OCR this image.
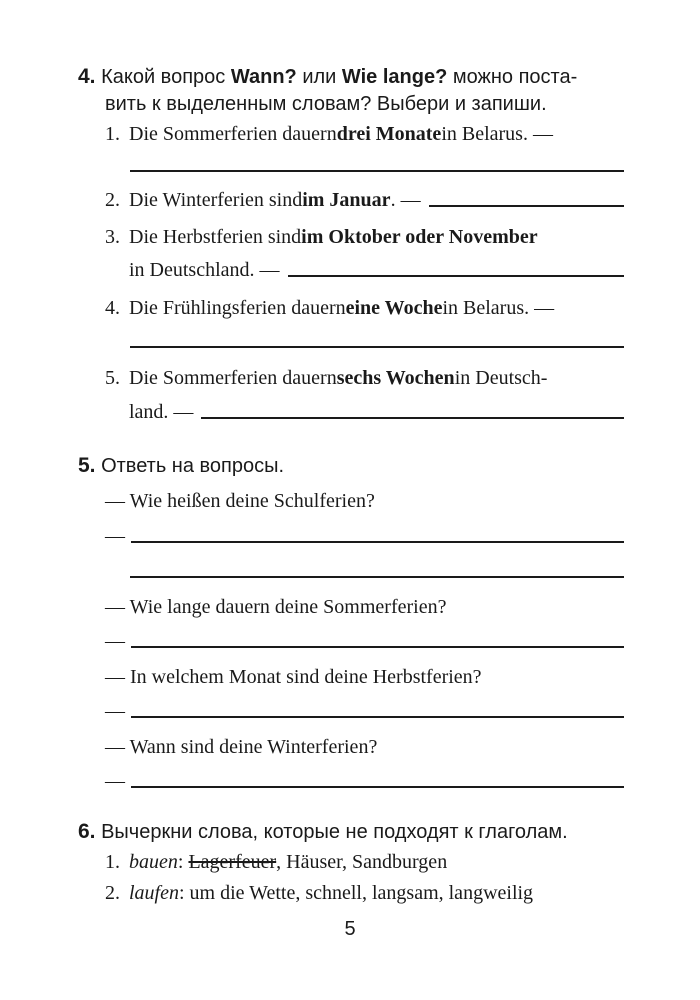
4. Какой вопрос Wann? или Wie lange? можно поста-
вить к выделенным словам? Выбери и запиши.
1. Die Sommerferien dauern drei Monate in Belarus. —
2. Die Winterferien sind im Januar . —
3. Die Herbstferien sind im Oktober oder November
in Deutschland. —
4. Die Frühlingsferien dauern eine Woche in Belarus. —
5. Die Sommerferien dauern sechs Wochen in Deutsch-
land. —
5. Ответь на вопросы.
— Wie heißen deine Schulferien?
—
— Wie lange dauern deine Sommerferien?
—
— In welchem Monat sind deine Herbstferien?
—
— Wann sind deine Winterferien?
—
6. Вычеркни слова, которые не подходят к глаголам.
1. bauen : Lagerfeuer , Häuser, Sandburgen
2. laufen : um die Wette, schnell, langsam, langweilig
5
